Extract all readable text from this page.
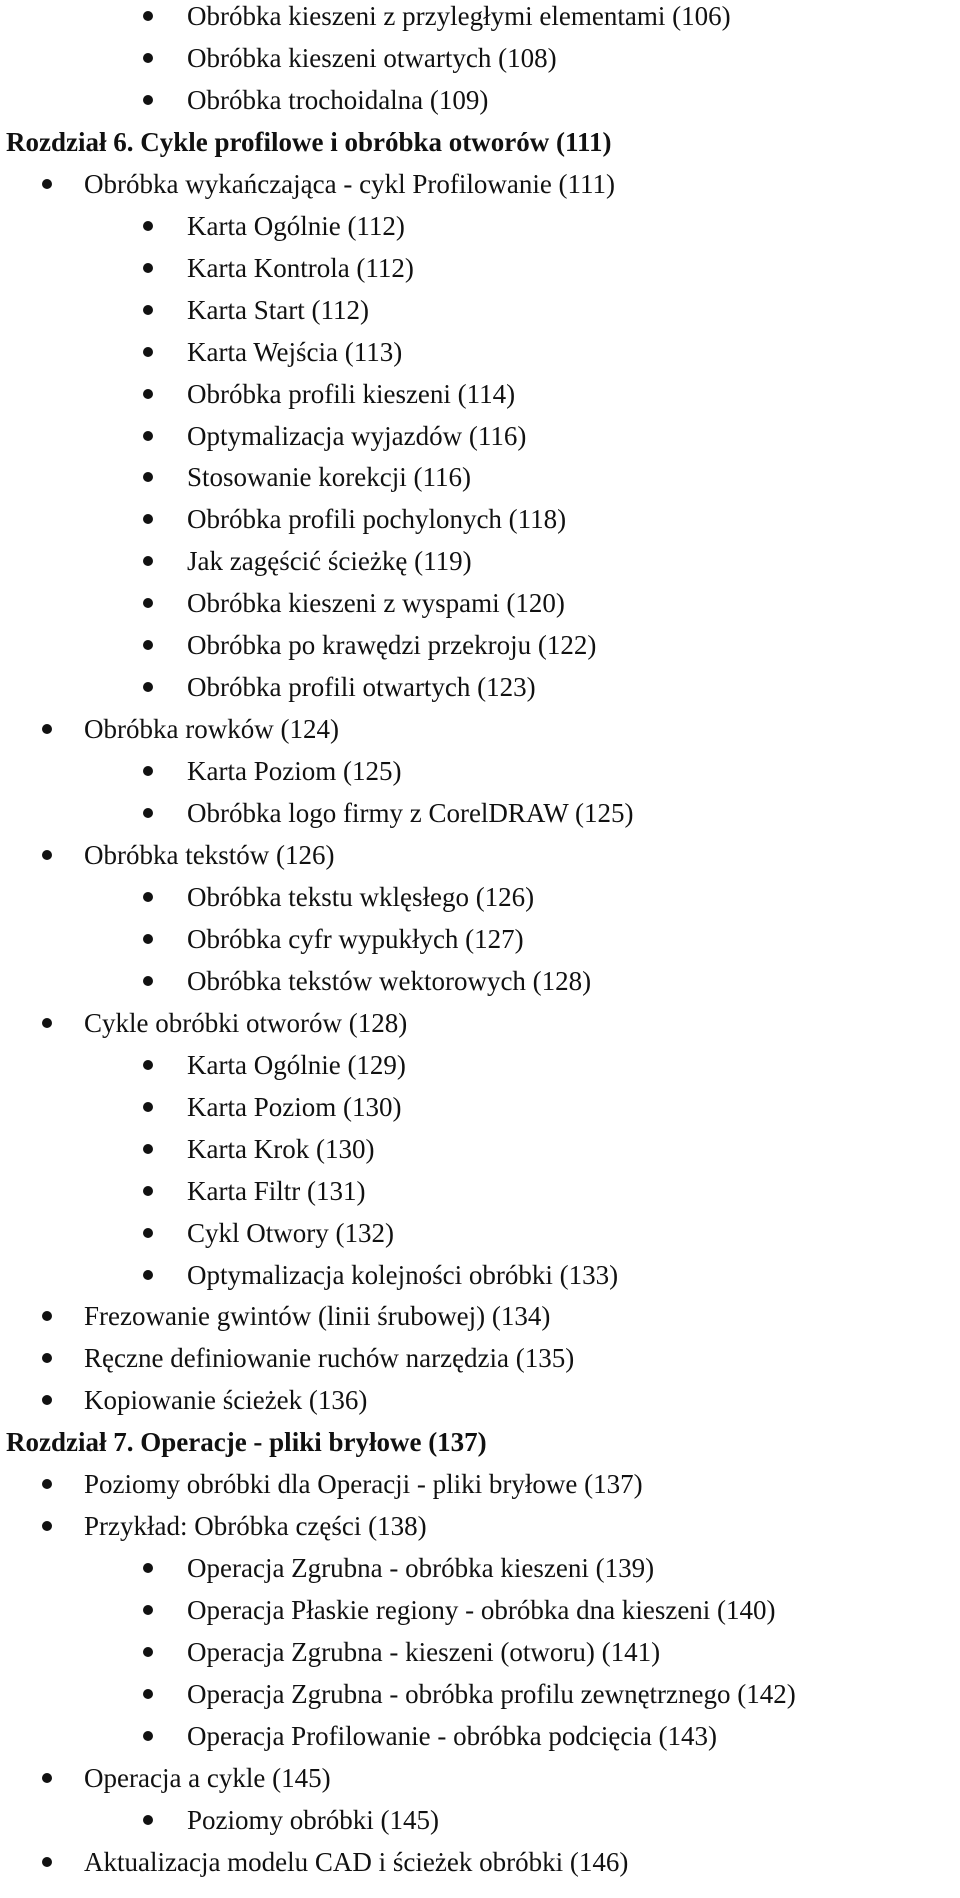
Obróbka kieszeni z przyległymi elementami (106)
Obróbka kieszeni otwartych (108)
Obróbka trochoidalna (109)
Rozdział 6. Cykle profilowe i obróbka otworów (111)
Obróbka wykańczająca - cykl Profilowanie (111)
Karta Ogólnie (112)
Karta Kontrola (112)
Karta Start (112)
Karta Wejścia (113)
Obróbka profili kieszeni (114)
Optymalizacja wyjazdów (116)
Stosowanie korekcji (116)
Obróbka profili pochylonych (118)
Jak zagęścić ścieżkę (119)
Obróbka kieszeni z wyspami (120)
Obróbka po krawędzi przekroju (122)
Obróbka profili otwartych (123)
Obróbka rowków (124)
Karta Poziom (125)
Obróbka logo firmy z CorelDRAW (125)
Obróbka tekstów (126)
Obróbka tekstu wklęsłego (126)
Obróbka cyfr wypukłych (127)
Obróbka tekstów wektorowych (128)
Cykle obróbki otworów (128)
Karta Ogólnie (129)
Karta Poziom (130)
Karta Krok (130)
Karta Filtr (131)
Cykl Otwory (132)
Optymalizacja kolejności obróbki (133)
Frezowanie gwintów (linii śrubowej) (134)
Ręczne definiowanie ruchów narzędzia (135)
Kopiowanie ścieżek (136)
Rozdział 7. Operacje - pliki bryłowe (137)
Poziomy obróbki dla Operacji - pliki bryłowe (137)
Przykład: Obróbka części (138)
Operacja Zgrubna - obróbka kieszeni (139)
Operacja Płaskie regiony - obróbka dna kieszeni (140)
Operacja Zgrubna - kieszeni (otworu) (141)
Operacja Zgrubna - obróbka profilu zewnętrznego (142)
Operacja Profilowanie - obróbka podcięcia (143)
Operacja a cykle (145)
Poziomy obróbki (145)
Aktualizacja modelu CAD i ścieżek obróbki (146)
